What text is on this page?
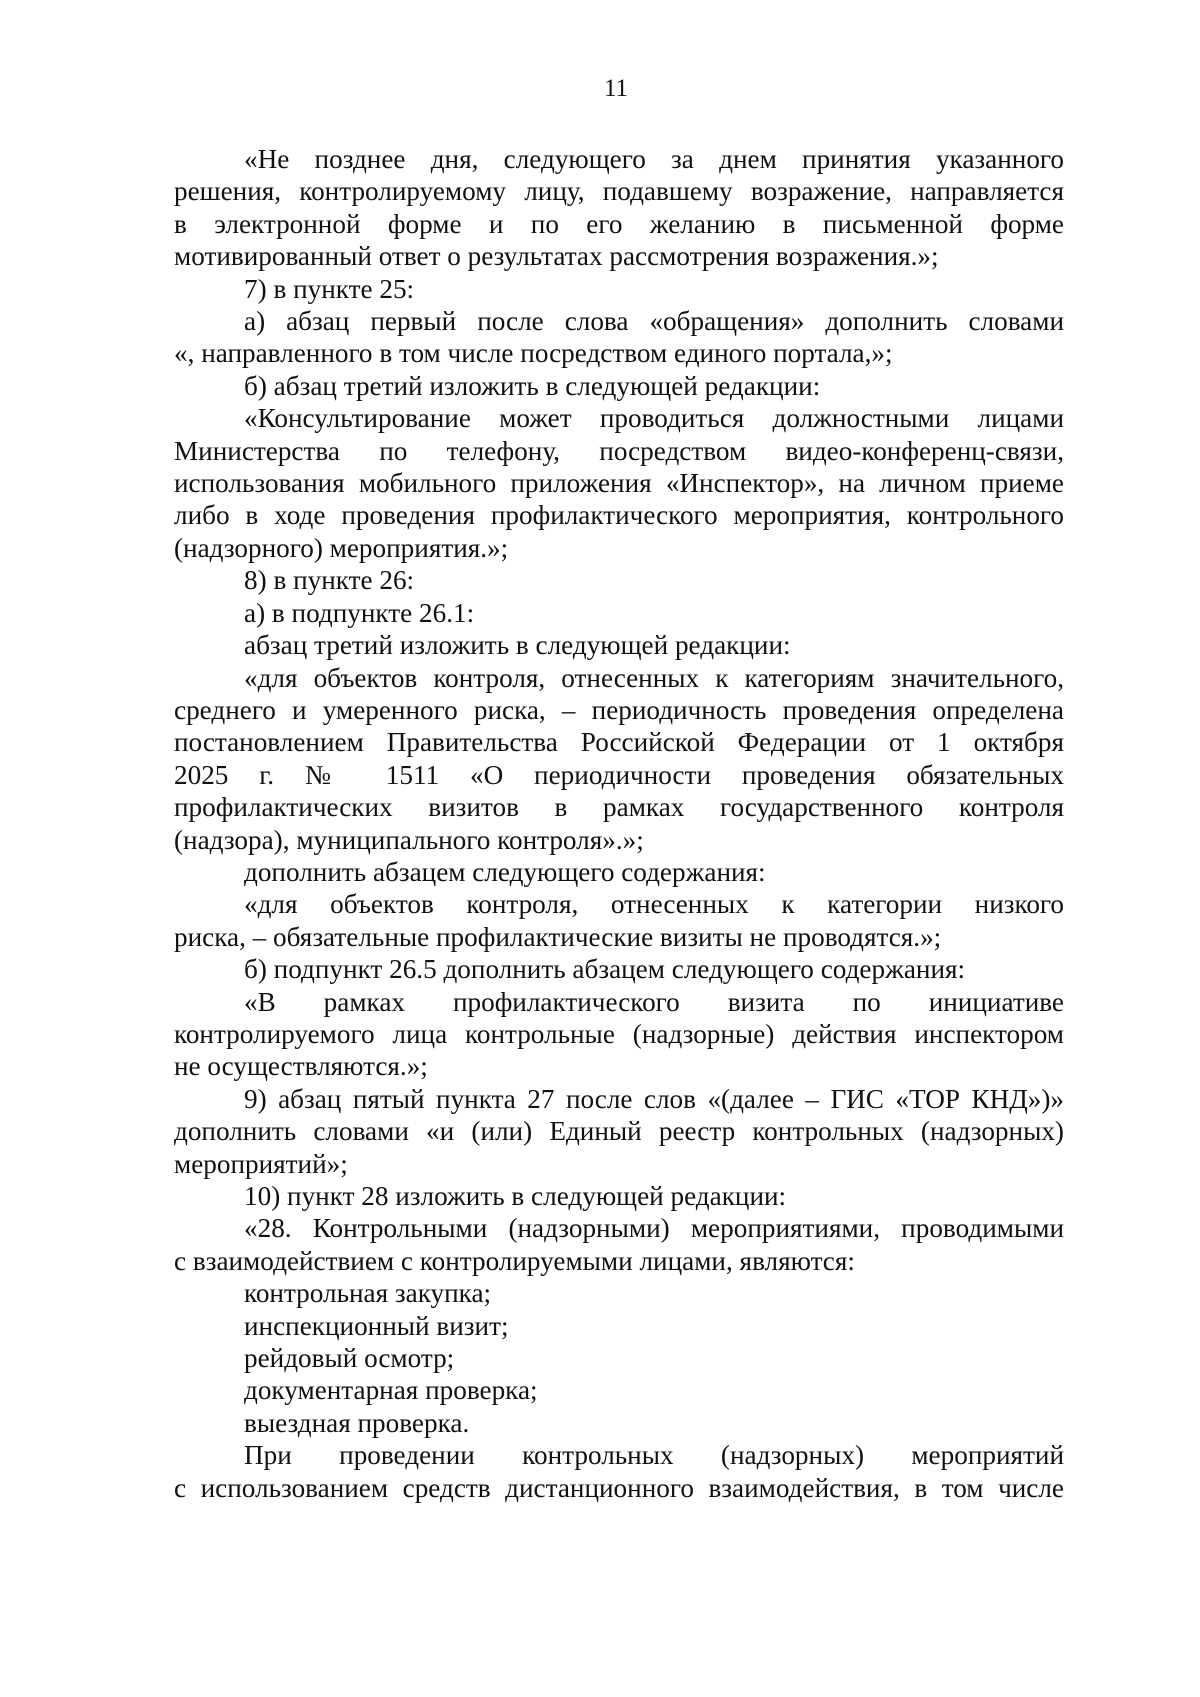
11
«Не позднее дня, следующего за днем принятия указанного
решения, контролируемому лицу, подавшему возражение, направляется
в электронной форме и по его желанию в письменной форме
мотивированный ответ о результатах рассмотрения возражения.»;
7) в пункте 25:
а) абзац первый после слова «обращения» дополнить словами
«, направленного в том числе посредством единого портала,»;
б) абзац третий изложить в следующей редакции:
«Консультирование может проводиться должностными лицами
Министерства по телефону, посредством видео-конференц-связи,
использования мобильного приложения «Инспектор», на личном приеме
либо в ходе проведения профилактического мероприятия, контрольного
(надзорного) мероприятия.»;
8) в пункте 26:
а) в подпункте 26.1:
абзац третий изложить в следующей редакции:
«для объектов контроля, отнесенных к категориям значительного,
среднего и умеренного риска, – периодичность проведения определена
постановлением Правительства Российской Федерации от 1 октября
2025 г. № 1511 «О периодичности проведения обязательных
профилактических визитов в рамках государственного контроля
(надзора), муниципального контроля».»;
дополнить абзацем следующего содержания:
«для объектов контроля, отнесенных к категории низкого
риска, – обязательные профилактические визиты не проводятся.»;
б) подпункт 26.5 дополнить абзацем следующего содержания:
«В рамках профилактического визита по инициативе
контролируемого лица контрольные (надзорные) действия инспектором
не осуществляются.»;
9) абзац пятый пункта 27 после слов «(далее – ГИС «ТОР КНД»)»
дополнить словами «и (или) Единый реестр контрольных (надзорных)
мероприятий»;
10) пункт 28 изложить в следующей редакции:
«28. Контрольными (надзорными) мероприятиями, проводимыми
с взаимодействием с контролируемыми лицами, являются:
контрольная закупка;
инспекционный визит;
рейдовый осмотр;
документарная проверка;
выездная проверка.
При проведении контрольных (надзорных) мероприятий
с использованием средств дистанционного взаимодействия, в том числе
